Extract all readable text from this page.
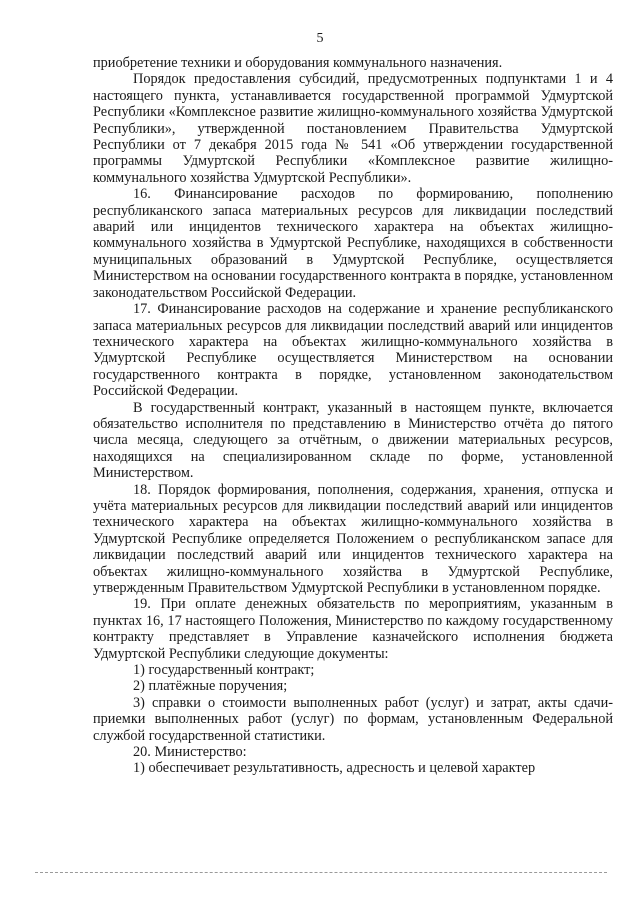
5

приобретение техники и оборудования коммунального назначения.

Порядок предоставления субсидий, предусмотренных подпунктами 1 и 4 настоящего пункта, устанавливается государственной программой Удмуртской Республики «Комплексное развитие жилищно-коммунального хозяйства Удмуртской Республики», утвержденной постановлением Правительства Удмуртской Республики от 7 декабря 2015 года № 541 «Об утверждении государственной программы Удмуртской Республики «Комплексное развитие жилищно-коммунального хозяйства Удмуртской Республики».

16. Финансирование расходов по формированию, пополнению республиканского запаса материальных ресурсов для ликвидации последствий аварий или инцидентов технического характера на объектах жилищно-коммунального хозяйства в Удмуртской Республике, находящихся в собственности муниципальных образований в Удмуртской Республике, осуществляется Министерством на основании государственного контракта в порядке, установленном законодательством Российской Федерации.

17. Финансирование расходов на содержание и хранение республиканского запаса материальных ресурсов для ликвидации последствий аварий или инцидентов технического характера на объектах жилищно-коммунального хозяйства в Удмуртской Республике осуществляется Министерством на основании государственного контракта в порядке, установленном законодательством Российской Федерации.

В государственный контракт, указанный в настоящем пункте, включается обязательство исполнителя по представлению в Министерство отчёта до пятого числа месяца, следующего за отчётным, о движении материальных ресурсов, находящихся на специализированном складе по форме, установленной Министерством.

18. Порядок формирования, пополнения, содержания, хранения, отпуска и учёта материальных ресурсов для ликвидации последствий аварий или инцидентов технического характера на объектах жилищно-коммунального хозяйства в Удмуртской Республике определяется Положением о республиканском запасе для ликвидации последствий аварий или инцидентов технического характера на объектах жилищно-коммунального хозяйства в Удмуртской Республике, утвержденным Правительством Удмуртской Республики в установленном порядке.

19. При оплате денежных обязательств по мероприятиям, указанным в пунктах 16, 17 настоящего Положения, Министерство по каждому государственному контракту представляет в Управление казначейского исполнения бюджета Удмуртской Республики следующие документы:

1) государственный контракт;

2) платёжные поручения;

3) справки о стоимости выполненных работ (услуг) и затрат, акты сдачи-приемки выполненных работ (услуг) по формам, установленным Федеральной службой государственной статистики.

20. Министерство:

1) обеспечивает результативность, адресность и целевой характер
